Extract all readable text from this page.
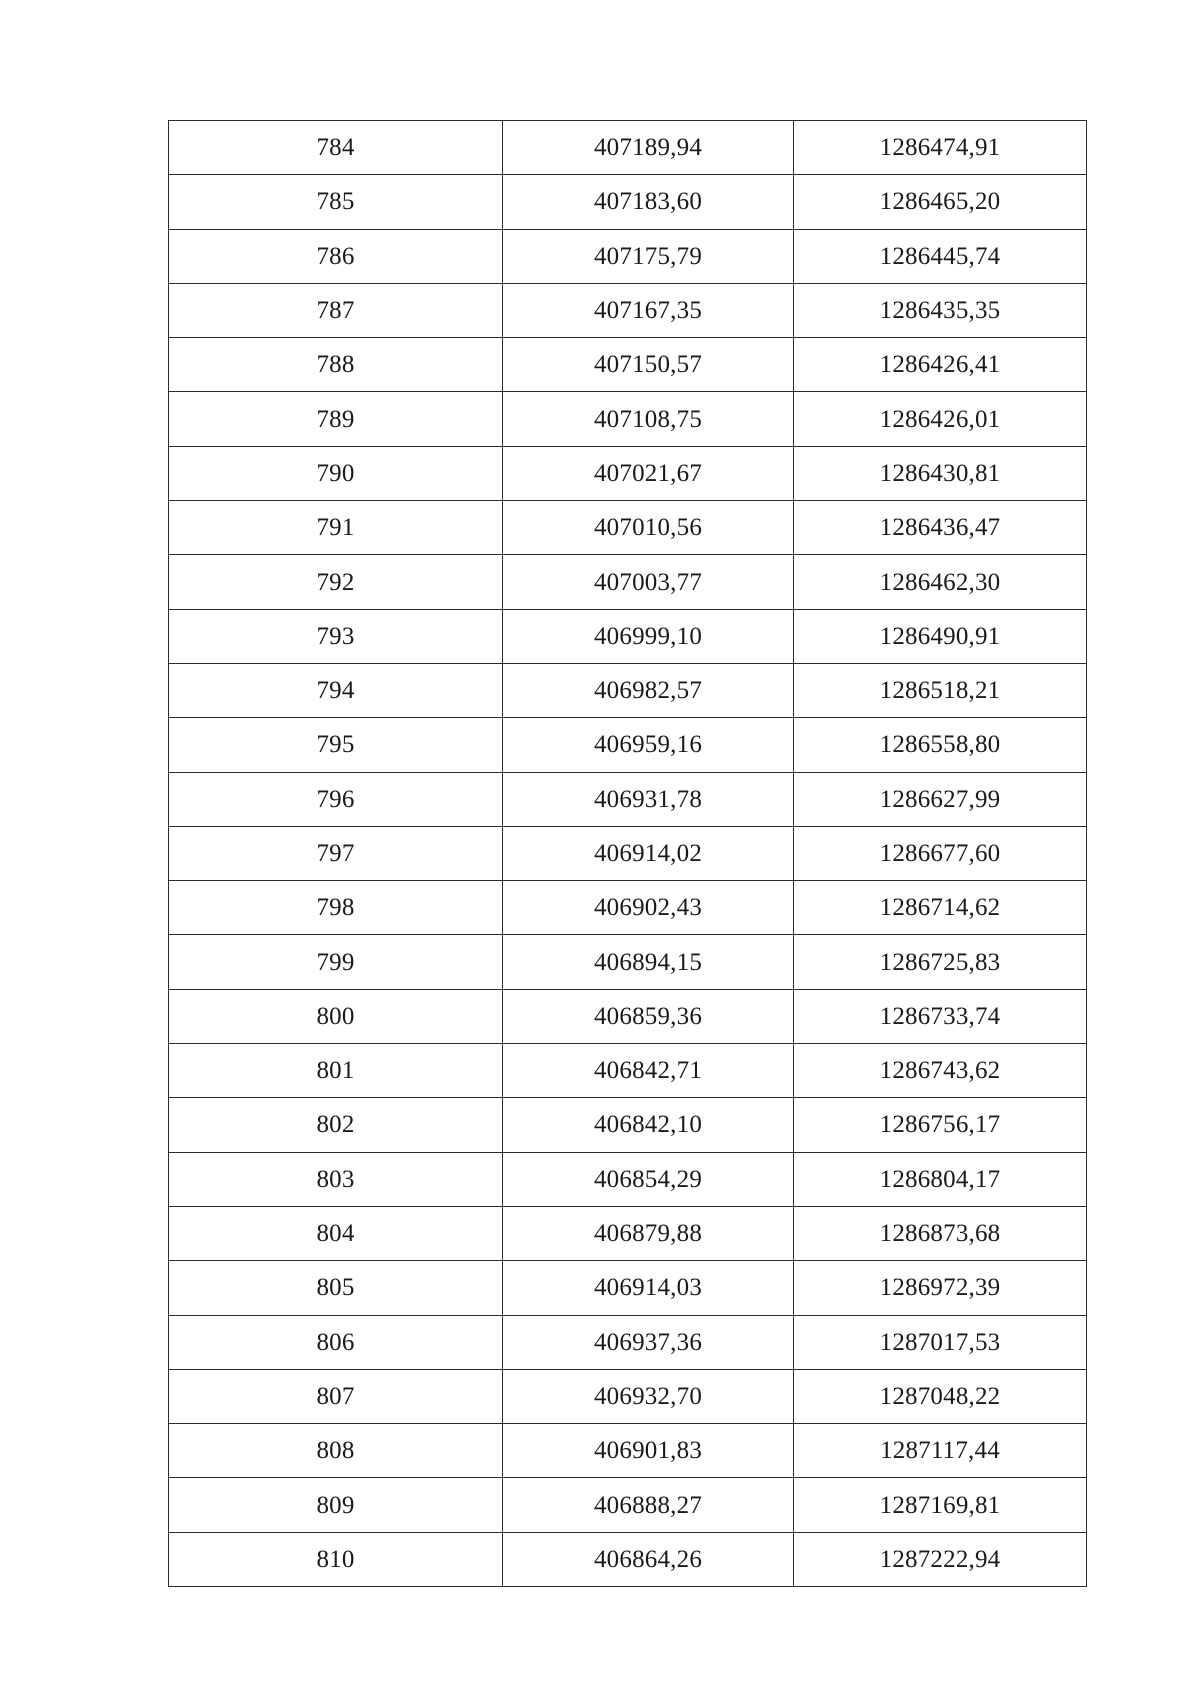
784	407189,94	1286474,91
785	407183,60	1286465,20
786	407175,79	1286445,74
787	407167,35	1286435,35
788	407150,57	1286426,41
789	407108,75	1286426,01
790	407021,67	1286430,81
791	407010,56	1286436,47
792	407003,77	1286462,30
793	406999,10	1286490,91
794	406982,57	1286518,21
795	406959,16	1286558,80
796	406931,78	1286627,99
797	406914,02	1286677,60
798	406902,43	1286714,62
799	406894,15	1286725,83
800	406859,36	1286733,74
801	406842,71	1286743,62
802	406842,10	1286756,17
803	406854,29	1286804,17
804	406879,88	1286873,68
805	406914,03	1286972,39
806	406937,36	1287017,53
807	406932,70	1287048,22
808	406901,83	1287117,44
809	406888,27	1287169,81
810	406864,26	1287222,94
